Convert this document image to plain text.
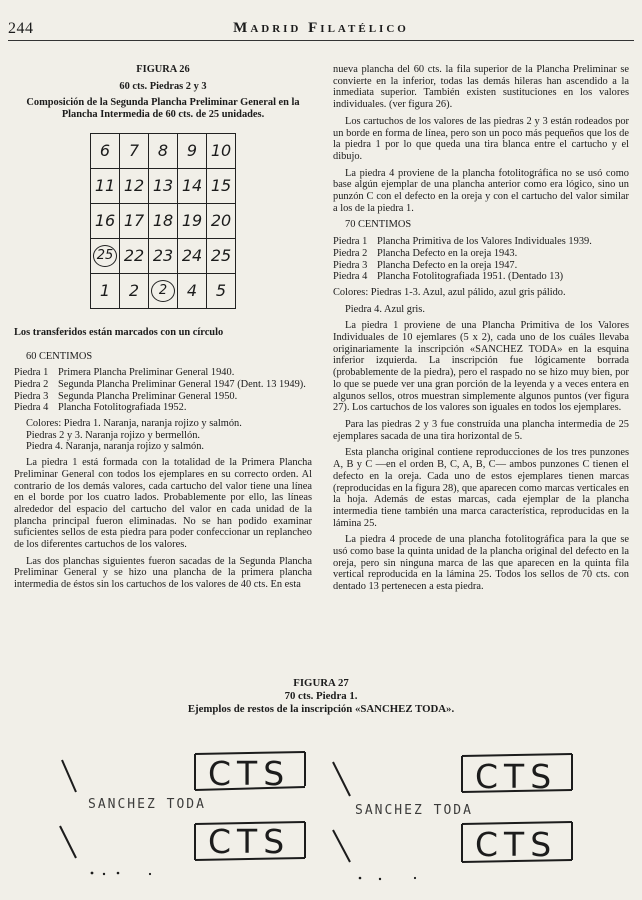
244	Madrid Filatélico

FIGURA 26

60 cts. Piedras 2 y 3

Composición de la Segunda Plancha Preliminar General en la Plancha Intermedia de 60 cts. de 25 unidades.

6	7	8	9	10
11	12	13	14	15
16	17	18	19	20
25	22	23	24	25
1	2	2	4	5

Los transferidos están marcados con un círculo

60 CENTIMOS

Piedra 1 Primera Plancha Preliminar General 1940.
Piedra 2 Segunda Plancha Preliminar General 1947 (Dent. 13 1949).
Piedra 3 Segunda Plancha Preliminar General 1950.
Piedra 4 Plancha Fotolitografiada 1952.
Colores: Piedra 1. Naranja, naranja rojizo y salmón.
Piedras 2 y 3. Naranja rojizo y bermellón.
Piedra 4. Naranja, naranja rojizo y salmón.

La piedra 1 está formada con la totalidad de la Primera Plancha Preliminar General con todos los ejemplares en su correcto orden. Al contrario de los demás valores, cada cartucho del valor tiene una línea en el borde por los cuatro lados. Probablemente por ello, las líneas alrededor del espacio del cartucho del valor en cada unidad de la plancha principal fueron eliminadas. No se han podido examinar suficientes sellos de esta piedra para poder confeccionar un replancheo de los diferentes cartuchos de los valores.

Las dos planchas siguientes fueron sacadas de la Segunda Plancha Preliminar General y se hizo una plancha de la primera plancha intermedia de éstos sin los cartuchos de los valores de 40 cts. En esta

nueva plancha del 60 cts. la fila superior de la Plancha Preliminar se convierte en la inferior, todas las demás hileras han ascendido a la inmediata superior. También existen sustituciones en los valores individuales. (ver figura 26).

Los cartuchos de los valores de las piedras 2 y 3 están rodeados por un borde en forma de línea, pero son un poco más pequeños que los de la piedra 1 por lo que queda una tira blanca entre el cartucho y el dibujo.

La piedra 4 proviene de la plancha fotolitográfica no se usó como base algún ejemplar de una plancha anterior como era lógico, sino un punzón C con el defecto en la oreja y con el cartucho del valor similar a los de la piedra 1.

70 CENTIMOS

Piedra 1 Plancha Primitiva de los Valores Individuales 1939.
Piedra 2 Plancha Defecto en la oreja 1943.
Piedra 3 Plancha Defecto en la oreja 1947.
Piedra 4 Plancha Fotolitografiada 1951. (Dentado 13)

Colores: Piedras 1-3. Azul, azul pálido, azul gris pálido.

Piedra 4. Azul gris.

La piedra 1 proviene de una Plancha Primitiva de los Valores Individuales de 10 ejemlares (5 x 2), cada uno de los cuáles llevaba originariamente la inscripción «SANCHEZ TODA» en la esquina inferior izquierda. La inscripción fue lógicamente borrada (probablemente de la piedra), pero el raspado no se hizo muy bien, por lo que se puede ver una gran porción de la leyenda y a veces entera en algunos sellos, otros muestran simplemente algunos puntos (ver figura 27). Los cartuchos de los valores son iguales en todos los ejemplares.

Para las piedras 2 y 3 fue construída una plancha intermedia de 25 ejemplares sacada de una tira horizontal de 5.

Esta plancha original contiene reproducciones de los tres punzones A, B y C —en el orden B, C, A, B, C— ambos punzones C tienen el defecto en la oreja. Cada uno de estos ejemplares tienen marcas (reproducidas en la figura 28), que aparecen como marcas verticales en la hoja. Además de estas marcas, cada ejemplar de la plancha intermedia tiene también una marca característica, reproducidas en la lámina 25.

La piedra 4 procede de una plancha fotolitográfica para la que se usó como base la quinta unidad de la plancha original del defecto en la oreja, pero sin ninguna marca de las que aparecen en la quinta fila vertical reproducida en la lámina 25. Todos los sellos de 70 cts. con dentado 13 pertenecen a esta piedra.

FIGURA 27

70 cts. Piedra 1.

Ejemplos de restos de la inscripción «SANCHEZ TODA».

CTS	CTS
CTS	CTS
SANCHEZ TODA	SANCHEZ TODA
